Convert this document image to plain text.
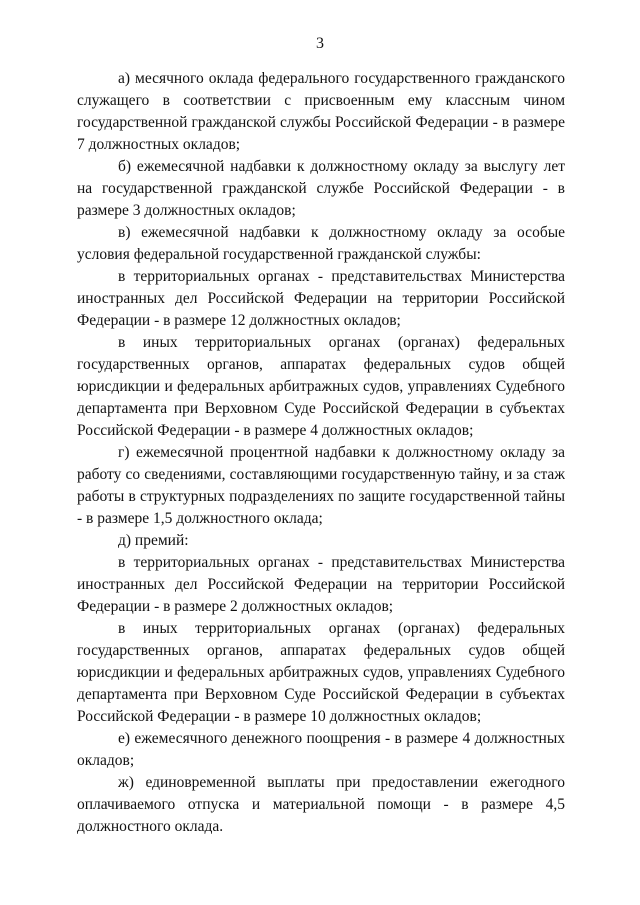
3

а) месячного оклада федерального государственного гражданского служащего в соответствии с присвоенным ему классным чином государственной гражданской службы Российской Федерации - в размере 7 должностных окладов;

б) ежемесячной надбавки к должностному окладу за выслугу лет на государственной гражданской службе Российской Федерации - в размере 3 должностных окладов;

в) ежемесячной надбавки к должностному окладу за особые условия федеральной государственной гражданской службы:

в территориальных органах - представительствах Министерства иностранных дел Российской Федерации на территории Российской Федерации - в размере 12 должностных окладов;

в иных территориальных органах (органах) федеральных государственных органов, аппаратах федеральных судов общей юрисдикции и федеральных арбитражных судов, управлениях Судебного департамента при Верховном Суде Российской Федерации в субъектах Российской Федерации - в размере 4 должностных окладов;

г) ежемесячной процентной надбавки к должностному окладу за работу со сведениями, составляющими государственную тайну, и за стаж работы в структурных подразделениях по защите государственной тайны - в размере 1,5 должностного оклада;

д) премий:

в территориальных органах - представительствах Министерства иностранных дел Российской Федерации на территории Российской Федерации - в размере 2 должностных окладов;

в иных территориальных органах (органах) федеральных государственных органов, аппаратах федеральных судов общей юрисдикции и федеральных арбитражных судов, управлениях Судебного департамента при Верховном Суде Российской Федерации в субъектах Российской Федерации - в размере 10 должностных окладов;

е) ежемесячного денежного поощрения - в размере 4 должностных окладов;

ж) единовременной выплаты при предоставлении ежегодного оплачиваемого отпуска и материальной помощи - в размере 4,5 должностного оклада.
